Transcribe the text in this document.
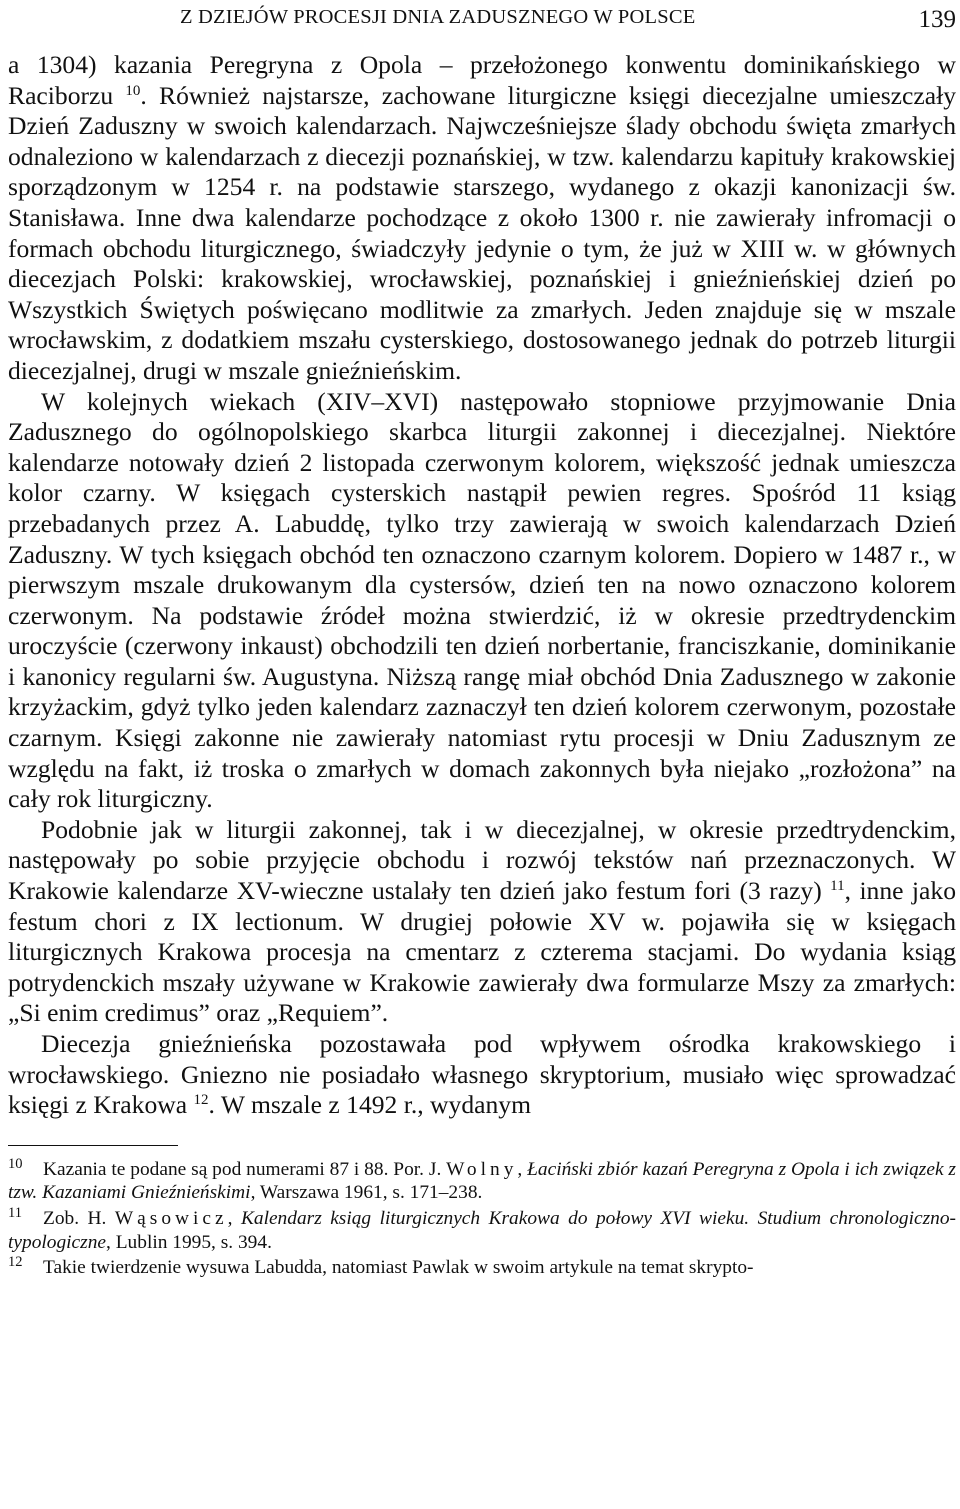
Z DZIEJÓW PROCESJI DNIA ZADUSZNEGO W POLSCE	139

a 1304) kazania Peregryna z Opola – przełożonego konwentu dominikańskiego w Raciborzu $^{10}$. Również najstarsze, zachowane liturgiczne księgi diecezjalne umieszczały Dzień Zaduszny w swoich kalendarzach. Najwcześniejsze ślady obchodu święta zmarłych odnaleziono w kalendarzach z diecezji poznańskiej, w tzw. kalendarzu kapituły krakowskiej sporządzonym w 1254 r. na podstawie starszego, wydanego z okazji kanonizacji św. Stanisława. Inne dwa kalendarze pochodzące z około 1300 r. nie zawierały infromacji o formach obchodu liturgicznego, świadczyły jedynie o tym, że już w XIII w. w głównych diecezjach Polski: krakowskiej, wrocławskiej, poznańskiej i gnieźnieńskiej dzień po Wszystkich Świętych poświęcano modlitwie za zmarłych. Jeden znajduje się w mszale wrocławskim, z dodatkiem mszału cysterskiego, dostosowanego jednak do potrzeb liturgii diecezjalnej, drugi w mszale gnieźnieńskim.

W kolejnych wiekach (XIV–XVI) następowało stopniowe przyjmowanie Dnia Zadusznego do ogólnopolskiego skarbca liturgii zakonnej i diecezjalnej. Niektóre kalendarze notowały dzień 2 listopada czerwonym kolorem, większość jednak umieszcza kolor czarny. W księgach cysterskich nastąpił pewien regres. Spośród 11 ksiąg przebadanych przez A. Labuddę, tylko trzy zawierają w swoich kalendarzach Dzień Zaduszny. W tych księgach obchód ten oznaczono czarnym kolorem. Dopiero w 1487 r., w pierwszym mszale drukowanym dla cystersów, dzień ten na nowo oznaczono kolorem czerwonym. Na podstawie źródeł można stwierdzić, iż w okresie przedtrydenckim uroczyście (czerwony inkaust) obchodzili ten dzień norbertanie, franciszkanie, dominikanie i kanonicy regularni św. Augustyna. Niższą rangę miał obchód Dnia Zadusznego w zakonie krzyżackim, gdyż tylko jeden kalendarz zaznaczył ten dzień kolorem czerwonym, pozostałe czarnym. Księgi zakonne nie zawierały natomiast rytu procesji w Dniu Zadusznym ze względu na fakt, iż troska o zmarłych w domach zakonnych była niejako „rozłożona” na cały rok liturgiczny.

Podobnie jak w liturgii zakonnej, tak i w diecezjalnej, w okresie przedtrydenckim, następowały po sobie przyjęcie obchodu i rozwój tekstów nań przeznaczonych. W Krakowie kalendarze XV-wieczne ustalały ten dzień jako festum fori (3 razy) $^{11}$, inne jako festum chori z IX lectionum. W drugiej połowie XV w. pojawiła się w księgach liturgicznych Krakowa procesja na cmentarz z czterema stacjami. Do wydania ksiąg potrydenckich mszały używane w Krakowie zawierały dwa formularze Mszy za zmarłych: „Si enim credimus” oraz „Requiem”.

Diecezja gnieźnieńska pozostawała pod wpływem ośrodka krakowskiego i wrocławskiego. Gniezno nie posiadało własnego skryptorium, musiało więc sprowadzać księgi z Krakowa $^{12}$. W mszale z 1492 r., wydanym

10 Kazania te podane są pod numerami 87 i 88. Por. J. Wolny, Łaciński zbiór kazań Peregryna z Opola i ich związek z tzw. Kazaniami Gnieźnieńskimi, Warszawa 1961, s. 171–238.

11 Zob. H. Wąsowicz, Kalendarz ksiąg liturgicznych Krakowa do połowy XVI wieku. Studium chronologiczno-typologiczne, Lublin 1995, s. 394.

12 Takie twierdzenie wysuwa Labudda, natomiast Pawlak w swoim artykule na temat skrypto-
